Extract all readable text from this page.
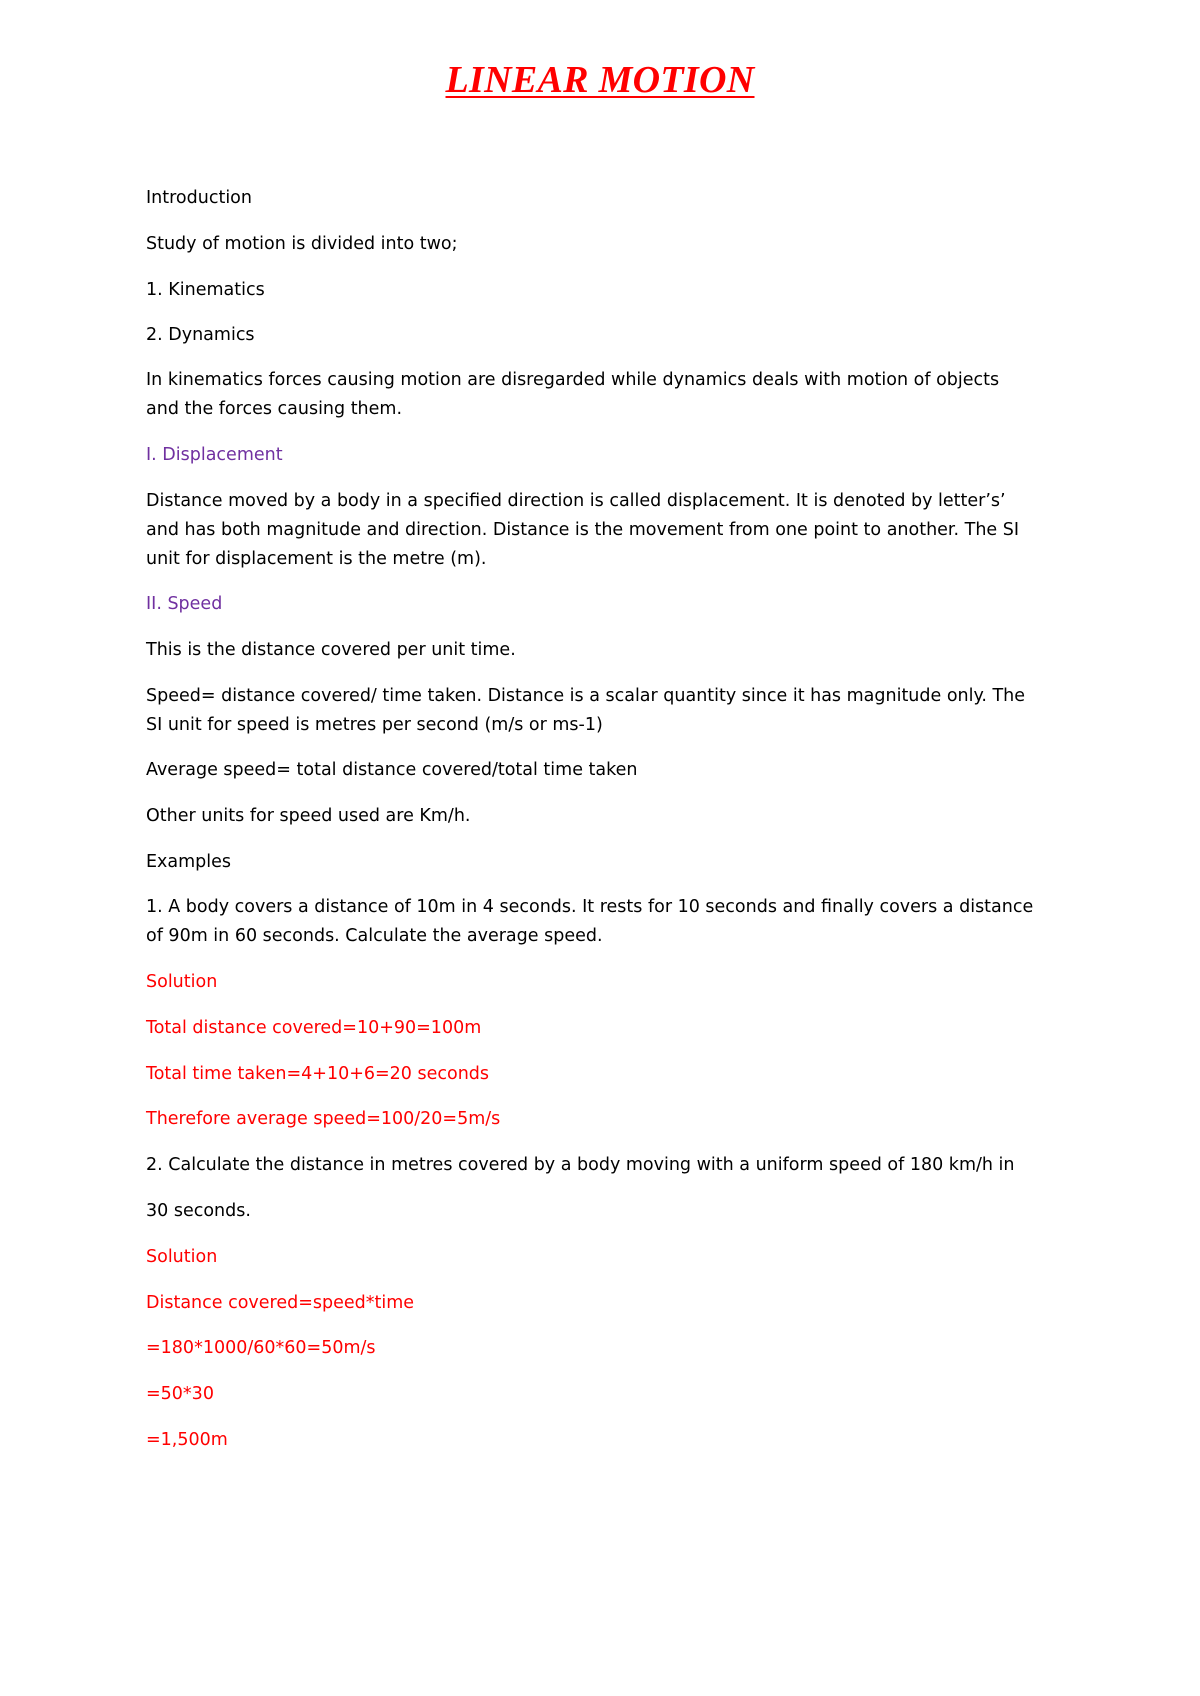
LINEAR MOTION
Introduction
Study of motion is divided into two;
1. Kinematics
2. Dynamics
In kinematics forces causing motion are disregarded while dynamics deals with motion of objects
and the forces causing them.
I. Displacement
Distance moved by a body in a specified direction is called displacement. It is denoted by letter’s’
and has both magnitude and direction. Distance is the movement from one point to another. The SI
unit for displacement is the metre (m).
II. Speed
This is the distance covered per unit time.
Speed= distance covered/ time taken. Distance is a scalar quantity since it has magnitude only. The
SI unit for speed is metres per second (m/s or ms-1)
Average speed= total distance covered/total time taken
Other units for speed used are Km/h.
Examples
1. A body covers a distance of 10m in 4 seconds. It rests for 10 seconds and finally covers a distance
of 90m in 60 seconds. Calculate the average speed.
Solution
Total distance covered=10+90=100m
Total time taken=4+10+6=20 seconds
Therefore average speed=100/20=5m/s
2. Calculate the distance in metres covered by a body moving with a uniform speed of 180 km/h in
30 seconds.
Solution
Distance covered=speed*time
=180*1000/60*60=50m/s
=50*30
=1,500m
